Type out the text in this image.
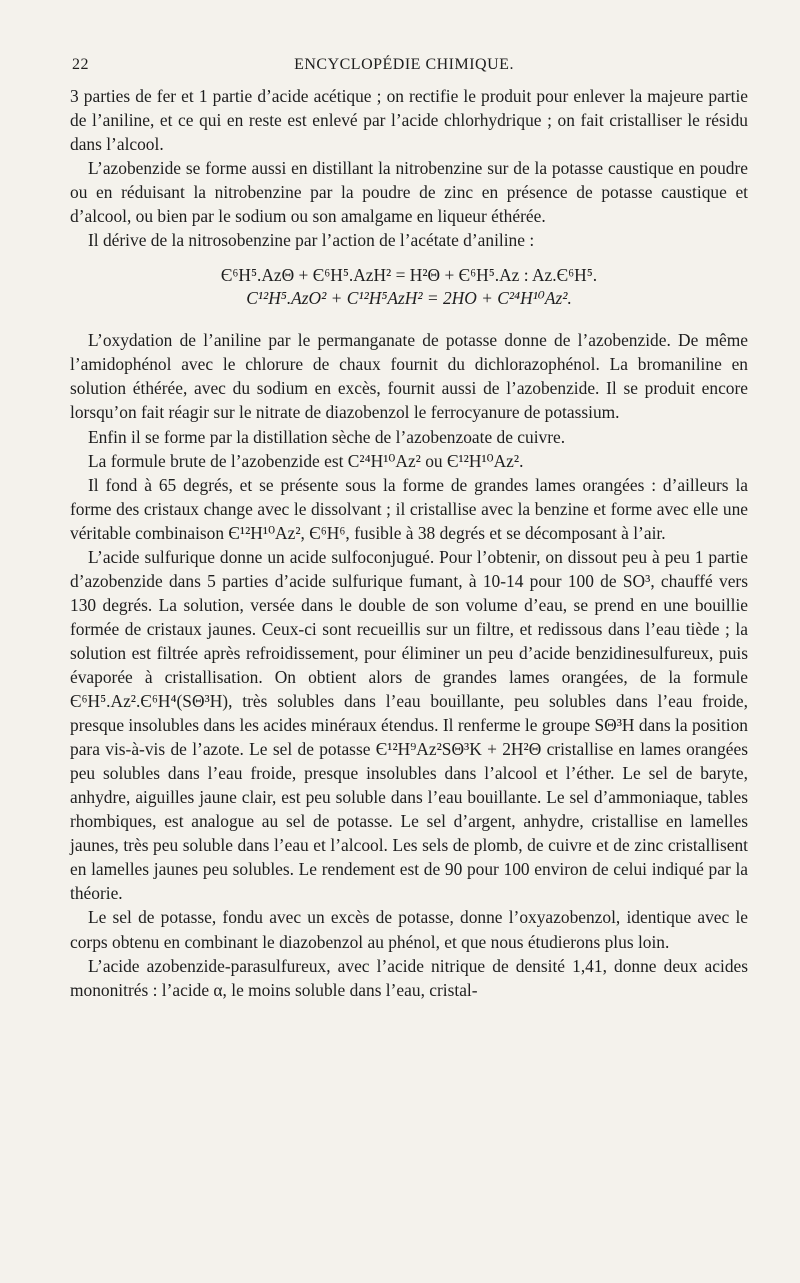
22	ENCYCLOPÉDIE CHIMIQUE.

3 parties de fer et 1 partie d’acide acétique ; on rectifie le produit pour enlever la majeure partie de l’aniline, et ce qui en reste est enlevé par l’acide chlorhydrique ; on fait cristalliser le résidu dans l’alcool.

L’azobenzide se forme aussi en distillant la nitrobenzine sur de la potasse caustique en poudre ou en réduisant la nitrobenzine par la poudre de zinc en présence de potasse caustique et d’alcool, ou bien par le sodium ou son amalgame en liqueur éthérée.

Il dérive de la nitrosobenzine par l’action de l’acétate d’aniline :

Є⁶H⁵.AzΘ + Є⁶H⁵.AzH² = H²Θ + Є⁶H⁵.Az : Az.Є⁶H⁵.
C¹²H⁵.AzO² + C¹²H⁵AzH² = 2HO + C²⁴H¹⁰Az².

L’oxydation de l’aniline par le permanganate de potasse donne de l’azobenzide. De même l’amidophénol avec le chlorure de chaux fournit du dichlorazophénol. La bromaniline en solution éthérée, avec du sodium en excès, fournit aussi de l’azobenzide. Il se produit encore lorsqu’on fait réagir sur le nitrate de diazobenzol le ferrocyanure de potassium.

Enfin il se forme par la distillation sèche de l’azobenzoate de cuivre.

La formule brute de l’azobenzide est C²⁴H¹⁰Az² ou Є¹²H¹⁰Az².

Il fond à 65 degrés, et se présente sous la forme de grandes lames orangées : d’ailleurs la forme des cristaux change avec le dissolvant ; il cristallise avec la benzine et forme avec elle une véritable combinaison Є¹²H¹⁰Az², Є⁶H⁶, fusible à 38 degrés et se décomposant à l’air.

L’acide sulfurique donne un acide sulfoconjugué. Pour l’obtenir, on dissout peu à peu 1 partie d’azobenzide dans 5 parties d’acide sulfurique fumant, à 10-14 pour 100 de SO³, chauffé vers 130 degrés. La solution, versée dans le double de son volume d’eau, se prend en une bouillie formée de cristaux jaunes. Ceux-ci sont recueillis sur un filtre, et redissous dans l’eau tiède ; la solution est filtrée après refroidissement, pour éliminer un peu d’acide benzidinesulfureux, puis évaporée à cristallisation. On obtient alors de grandes lames orangées, de la formule Є⁶H⁵.Az².Є⁶H⁴(SΘ³H), très solubles dans l’eau bouillante, peu solubles dans l’eau froide, presque insolubles dans les acides minéraux étendus. Il renferme le groupe SΘ³H dans la position para vis-à-vis de l’azote. Le sel de potasse Є¹²H⁹Az²SΘ³K + 2H²Θ cristallise en lames orangées peu solubles dans l’eau froide, presque insolubles dans l’alcool et l’éther. Le sel de baryte, anhydre, aiguilles jaune clair, est peu soluble dans l’eau bouillante. Le sel d’ammoniaque, tables rhombiques, est analogue au sel de potasse. Le sel d’argent, anhydre, cristallise en lamelles jaunes, très peu soluble dans l’eau et l’alcool. Les sels de plomb, de cuivre et de zinc cristallisent en lamelles jaunes peu solubles. Le rendement est de 90 pour 100 environ de celui indiqué par la théorie.

Le sel de potasse, fondu avec un excès de potasse, donne l’oxyazobenzol, identique avec le corps obtenu en combinant le diazobenzol au phénol, et que nous étudierons plus loin.

L’acide azobenzide-parasulfureux, avec l’acide nitrique de densité 1,41, donne deux acides mononitrés : l’acide α, le moins soluble dans l’eau, cristal-
